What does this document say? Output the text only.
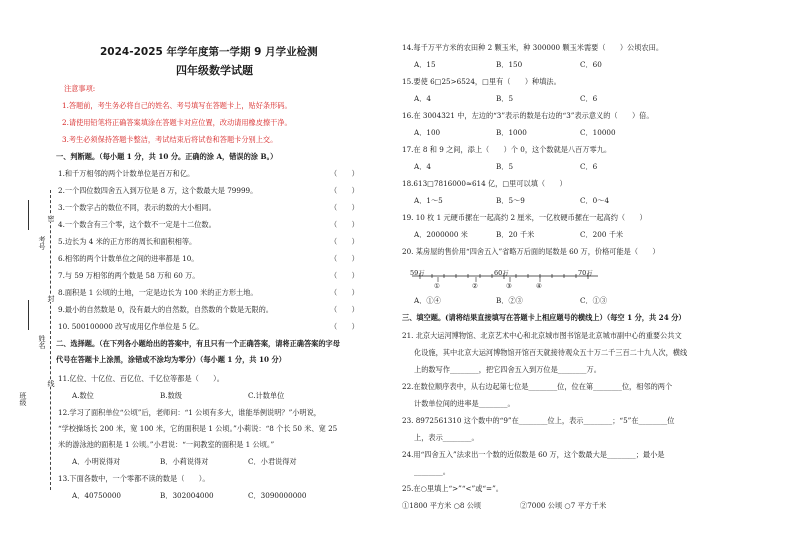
考号
姓名
班级
密
封
线
2024-2025 年学年度第一学期 9 月学业检测
四年级数学试题
注意事项:
1.答题前，考生务必将自己的姓名、考号填写在答题卡上，贴好条形码。
2.请使用铅笔将正确答案填涂在答题卡对应位置，改动请用橡皮擦干净。
3.考生必须保持答题卡整洁，考试结束后将试卷和答题卡分别上交。
一、判断题。（每小题 1 分，共 10 分。正确的涂 A，错误的涂 B。）
1.和千万相邻的两个计数单位是百万和亿。
2.一个四位数四舍五入到万位是 8 万，这个数最大是 79999。
3.一个数字占的数位不同，表示的数的大小相同。
4.一个数含有三个零，这个数不一定是十二位数。
5.边长为 4 米的正方形的周长和面积相等。
6.相邻的两个计数单位之间的进率都是 10。
7.与 59 万相邻的两个数是 58 万和 60 万。
8.面积是 1 公顷的土地，一定是边长为 100 米的正方形土地。
9.最小的自然数是 0，没有最大的自然数，自然数的个数是无限的。
10. 500100000 改写成用亿作单位是 5 亿。
（　　）
（　　）
（　　）
（　　）
（　　）
（　　）
（　　）
（　　）
（　　）
（　　）
二、选择题。（在下列各小题给出的答案中，有且只有一个正确答案，请将正确答案的字母
代号在答题卡上涂黑，涂错或不涂均为零分）（每小题 1 分，共 10 分）
11.亿位、十亿位、百亿位、千亿位等都是（　　）。
A.数位	B.数级	C.计数单位
12.学习了面积单位“公顷”后，老师问：“1 公顷有多大，谁能举例说明？”小明说，
“学校操场长 200 米，宽 100 米，它的面积是 1 公顷。”小莉说：“8 个长 50 米、宽 25
米的游泳池的面积是 1 公顷。”小君说：“一间教室的面积是 1 公顷。”
A．小明说得对	B．小莉说得对	C．小君说得对
13.下面各数中，一个零都不读的数是（　　）。
A．40750000	B．302004000	C．3090000000
14.每千万平方米的农田种 2 颗玉米，种 300000 颗玉米需要（　　）公顷农田。
A．15	B．150	C．60
15.要使 6□25>6524，□里有（　　）种填法。
A．4	B．5	C．6
16.在 3004321 中，左边的“3”表示的数是右边的“3”表示意义的（　　）倍。
A．100	B．1000	C．10000
17.在 8 和 9 之间，添上（　　）个 0，这个数就是八百万零九。
A．4	B．5	C．6
18.613□7816000≈614 亿，□里可以填（　　）
A．1～5	B．5～9	C．0～4
19. 10 枚 1 元硬币摞在一起高约 2 厘米，一亿枚硬币摞在一起高约（　　）
A．2000000 米	B．20 千米	C．200 千米
20. 某房屋的售价用“四舍五入”省略万后面的尾数是 60 万，价格可能是（　　）
59万	60万	70万
①	②	③	④
A．①④	B．②③	C．①③
三、填空题。(请将结果直接填写在答题卡上相应题号的横线上）（每空 1 分，共 24 分）
21. 北京大运河博物馆、北京艺术中心和北京城市图书馆是北京城市副中心的重要公共文
化设施，其中北京大运河博物馆开馆百天就接待观众五十万二千三百二十九人次，横线
上的数写作________，把它四舍五入到万位是________万。
22.在数位顺序表中，从右边起第七位是________位，位在第________位，相邻的两个
计数单位间的进率是________。
23. 8972561310 这个数中的“9”在________位上，表示________；“5”在________位
上，表示________。
24.用“四舍五入”法求出一个数的近似数是 60 万，这个数最大是________；最小是
________。
25.在○里填上“>”“<”或“=”。
①1800 平方米 ○8 公顷	②7000 公顷 ○7 平方千米
